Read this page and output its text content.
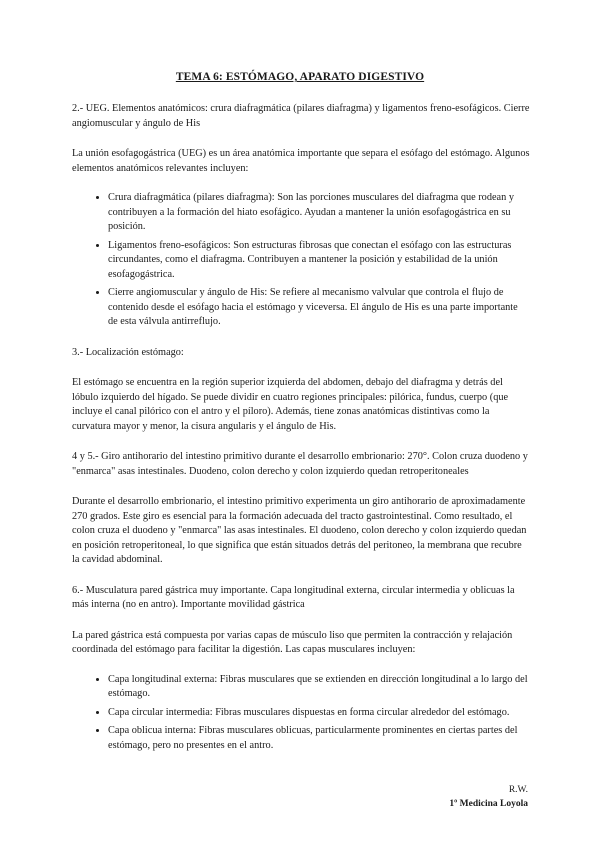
TEMA 6: ESTÓMAGO, APARATO DIGESTIVO

2.- UEG. Elementos anatómicos: crura diafragmática (pilares diafragma) y ligamentos freno-esofágicos. Cierre angiomuscular y ángulo de His

La unión esofagogástrica (UEG) es un área anatómica importante que separa el esófago del estómago. Algunos elementos anatómicos relevantes incluyen:

• Crura diafragmática (pilares diafragma): Son las porciones musculares del diafragma que rodean y contribuyen a la formación del hiato esofágico. Ayudan a mantener la unión esofagogástrica en su posición.
• Ligamentos freno-esofágicos: Son estructuras fibrosas que conectan el esófago con las estructuras circundantes, como el diafragma. Contribuyen a mantener la posición y estabilidad de la unión esofagogástrica.
• Cierre angiomuscular y ángulo de His: Se refiere al mecanismo valvular que controla el flujo de contenido desde el esófago hacia el estómago y viceversa. El ángulo de His es una parte importante de esta válvula antirreflujo.

3.- Localización estómago:

El estómago se encuentra en la región superior izquierda del abdomen, debajo del diafragma y detrás del lóbulo izquierdo del hígado. Se puede dividir en cuatro regiones principales: pilórica, fundus, cuerpo (que incluye el canal pilórico con el antro y el píloro). Además, tiene zonas anatómicas distintivas como la curvatura mayor y menor, la cisura angularis y el ángulo de His.

4 y 5.- Giro antihorario del intestino primitivo durante el desarrollo embrionario: 270°. Colon cruza duodeno y "enmarca" asas intestinales. Duodeno, colon derecho y colon izquierdo quedan retroperitoneales

Durante el desarrollo embrionario, el intestino primitivo experimenta un giro antihorario de aproximadamente 270 grados. Este giro es esencial para la formación adecuada del tracto gastrointestinal. Como resultado, el colon cruza el duodeno y "enmarca" las asas intestinales. El duodeno, colon derecho y colon izquierdo quedan en posición retroperitoneal, lo que significa que están situados detrás del peritoneo, la membrana que recubre la cavidad abdominal.

6.- Musculatura pared gástrica muy importante. Capa longitudinal externa, circular intermedia y oblicuas la más interna (no en antro). Importante movilidad gástrica

La pared gástrica está compuesta por varias capas de músculo liso que permiten la contracción y relajación coordinada del estómago para facilitar la digestión. Las capas musculares incluyen:

• Capa longitudinal externa: Fibras musculares que se extienden en dirección longitudinal a lo largo del estómago.
• Capa circular intermedia: Fibras musculares dispuestas en forma circular alrededor del estómago.
• Capa oblicua interna: Fibras musculares oblicuas, particularmente prominentes en ciertas partes del estómago, pero no presentes en el antro.
R.W.
1º Medicina Loyola
